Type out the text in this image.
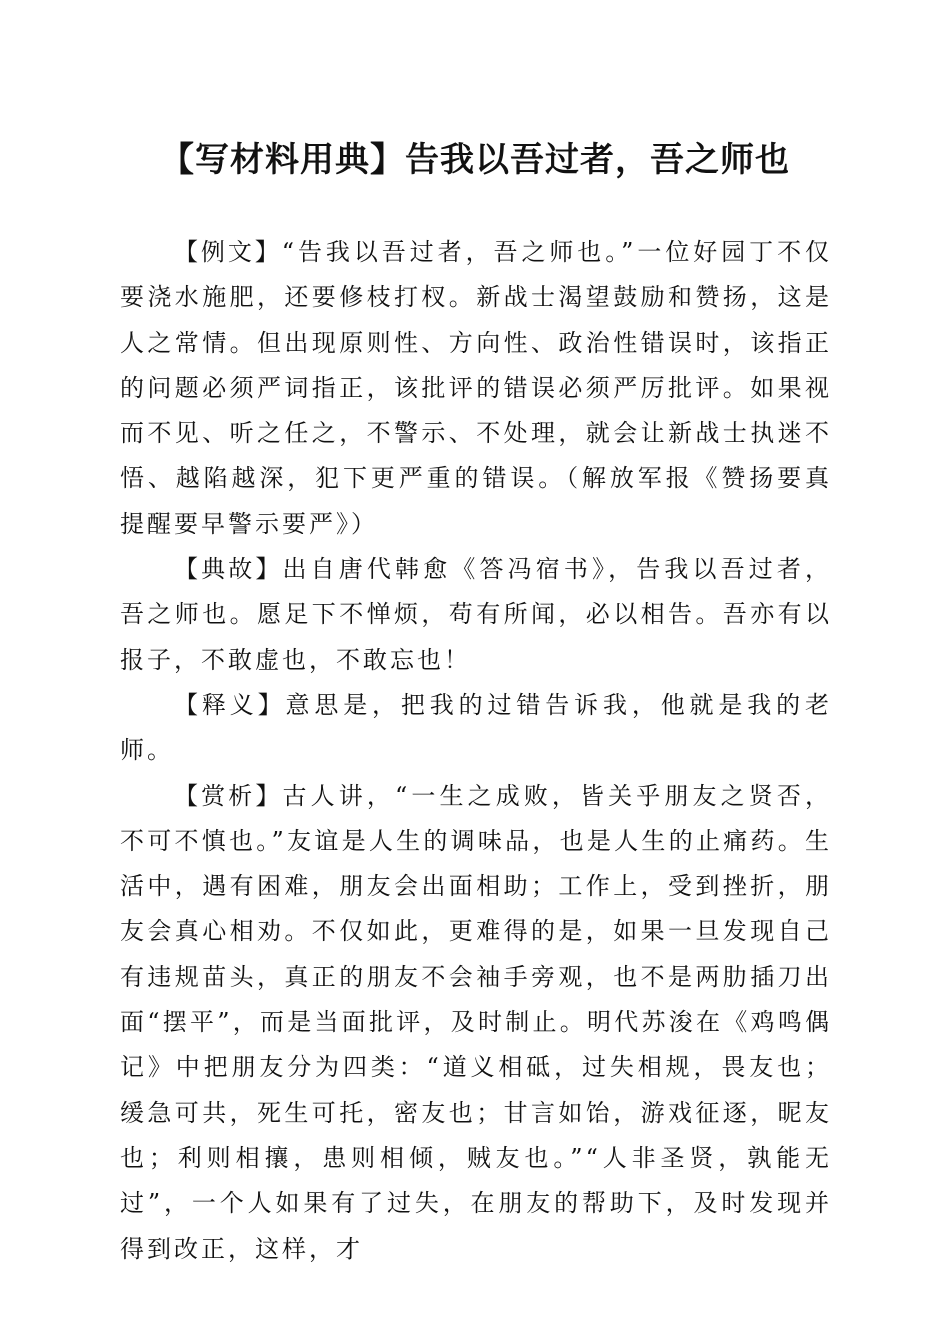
【写材料用典】告我以吾过者，吾之师也

【例文】“告我以吾过者，吾之师也。”一位好园丁不仅要浇水施肥，还要修枝打杈。新战士渴望鼓励和赞扬，这是人之常情。但出现原则性、方向性、政治性错误时，该指正的问题必须严词指正，该批评的错误必须严厉批评。如果视而不见、听之任之，不警示、不处理，就会让新战士执迷不悟、越陷越深，犯下更严重的错误。（解放军报《赞扬要真提醒要早警示要严》）

【典故】出自唐代韩愈《答冯宿书》，告我以吾过者，吾之师也。愿足下不惮烦，苟有所闻，必以相告。吾亦有以报子，不敢虚也，不敢忘也！

【释义】意思是，把我的过错告诉我，他就是我的老师。

【赏析】古人讲，“一生之成败，皆关乎朋友之贤否，不可不慎也。”友谊是人生的调味品，也是人生的止痛药。生活中，遇有困难，朋友会出面相助；工作上，受到挫折，朋友会真心相劝。不仅如此，更难得的是，如果一旦发现自己有违规苗头，真正的朋友不会袖手旁观，也不是两肋插刀出面“摆平”，而是当面批评，及时制止。明代苏浚在《鸡鸣偶记》中把朋友分为四类：“道义相砥，过失相规，畏友也；缓急可共，死生可托，密友也；甘言如饴，游戏征逐，昵友也；利则相攘，患则相倾，贼友也。”“人非圣贤，孰能无过”，一个人如果有了过失，在朋友的帮助下，及时发现并得到改正，这样，才
